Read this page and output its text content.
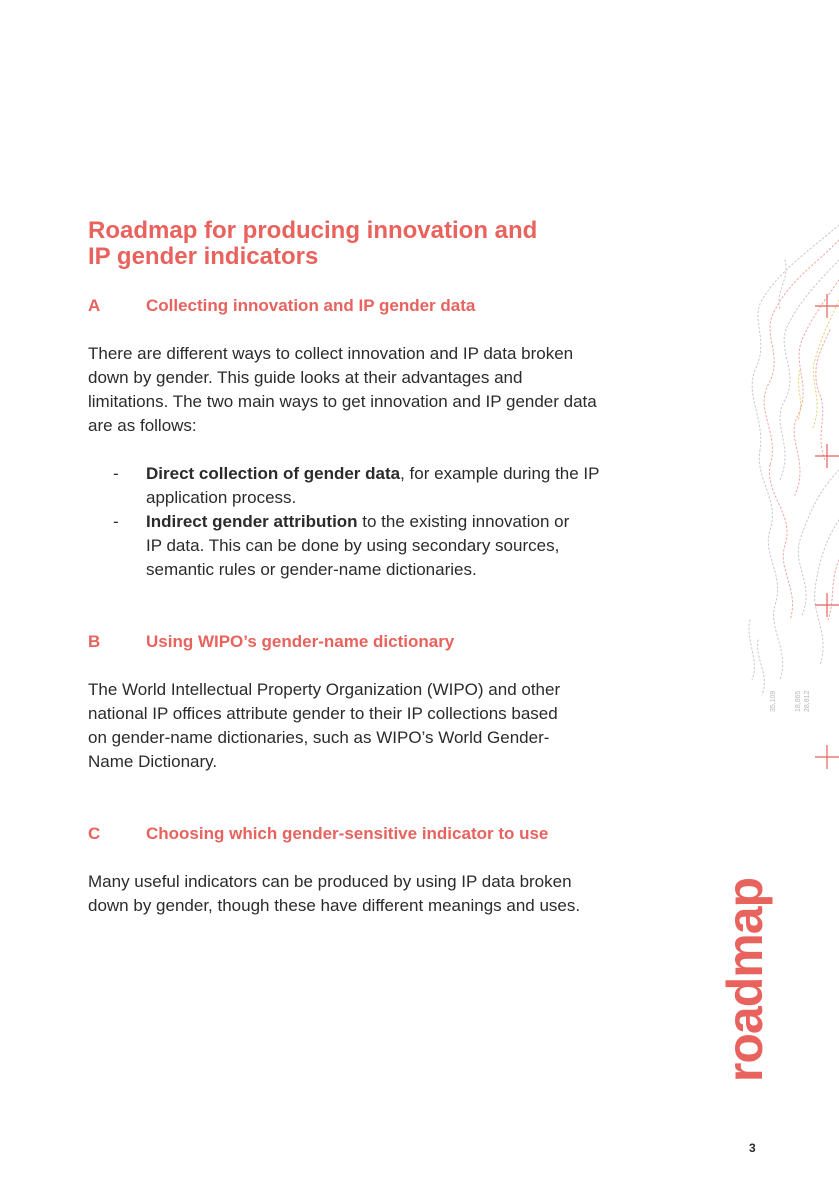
Roadmap for producing innovation and
IP gender indicators
A	Collecting innovation and IP gender data

There are different ways to collect innovation and IP data broken
down by gender. This guide looks at their advantages and
limitations. The two main ways to get innovation and IP gender data
are as follows:

- Direct collection of gender data, for example during the IP
application process.
- Indirect gender attribution to the existing innovation or
IP data. This can be done by using secondary sources,
semantic rules or gender-name dictionaries.
B	Using WIPO’s gender-name dictionary

The World Intellectual Property Organization (WIPO) and other
national IP offices attribute gender to their IP collections based
on gender-name dictionaries, such as WIPO’s World Gender-
Name Dictionary.

C	Choosing which gender-sensitive indicator to use

Many useful indicators can be produced by using IP data broken
down by gender, though these have different meanings and uses.

35,109	18,865 28,812
roadmap
3
